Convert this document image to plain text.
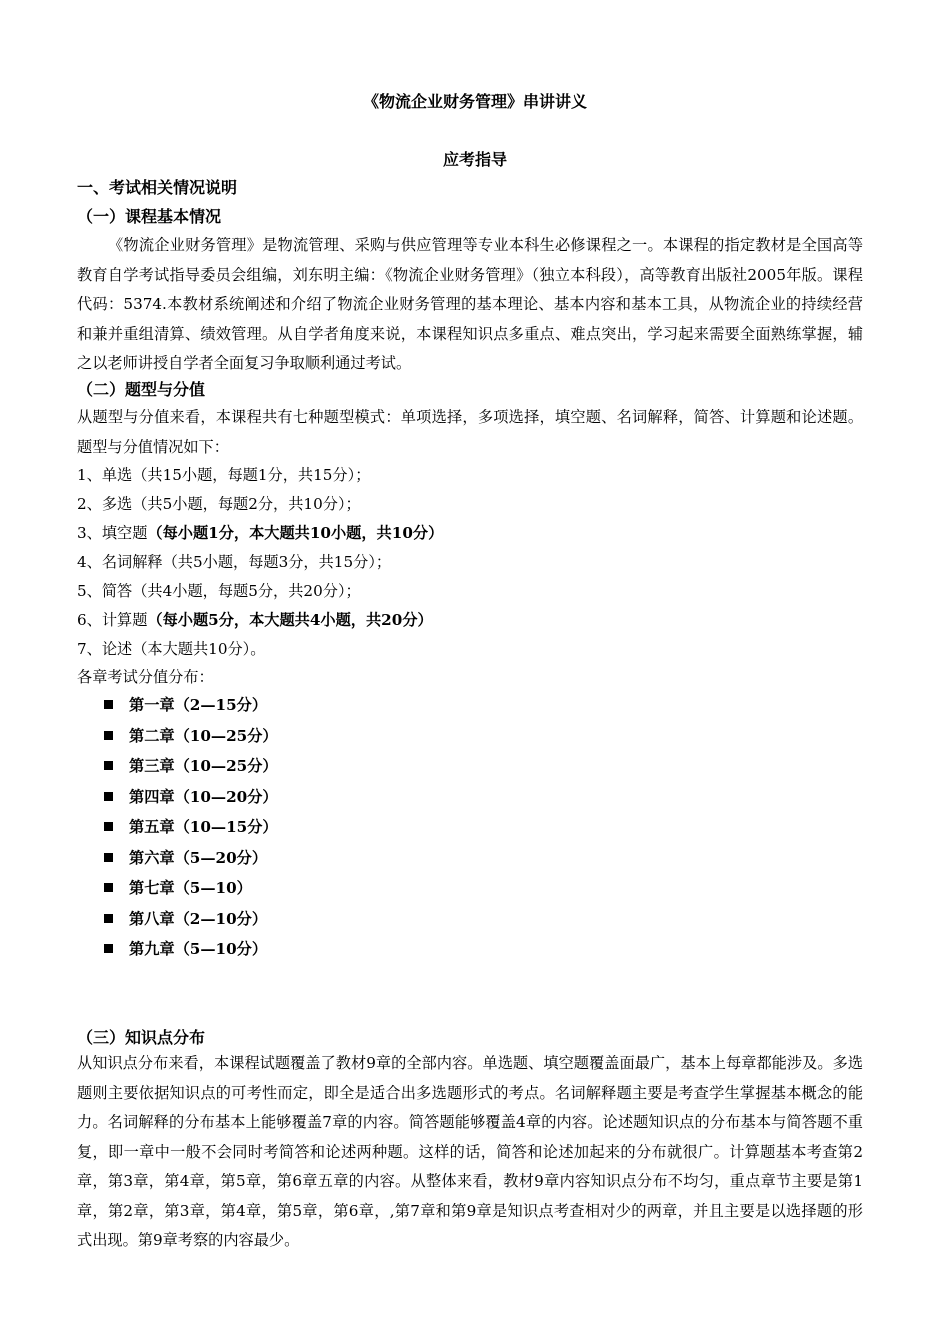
《物流企业财务管理》串讲讲义
应考指导
一、考试相关情况说明
（一）课程基本情况
《物流企业财务管理》是物流管理、采购与供应管理等专业本科生必修课程之一。本课程的指定教材是全国高等教育自学考试指导委员会组编，刘东明主编：《物流企业财务管理》（独立本科段），高等教育出版社2005年版。课程代码：5374.本教材系统阐述和介绍了物流企业财务管理的基本理论、基本内容和基本工具，从物流企业的持续经营和兼并重组清算、绩效管理。从自学者角度来说，本课程知识点多重点、难点突出，学习起来需要全面熟练掌握，辅之以老师讲授自学者全面复习争取顺利通过考试。
（二）题型与分值
从题型与分值来看，本课程共有七种题型模式：单项选择，多项选择，填空题、名词解释，简答、计算题和论述题。题型与分值情况如下：
1、单选（共15小题，每题1分，共15分）；
2、多选（共5小题，每题2分，共10分）；
3、填空题（每小题1分，本大题共10小题，共10分）
4、名词解释（共5小题，每题3分，共15分）；
5、简答（共4小题，每题5分，共20分）；
6、计算题（每小题5分，本大题共4小题，共20分）
7、论述（本大题共10分）。
各章考试分值分布：
第一章（2—15分）
第二章（10—25分）
第三章（10—25分）
第四章（10—20分）
第五章（10—15分）
第六章（5—20分）
第七章（5—10）
第八章（2—10分）
第九章（5—10分）
（三）知识点分布
从知识点分布来看，本课程试题覆盖了教材9章的全部内容。单选题、填空题覆盖面最广，基本上每章都能涉及。多选题则主要依据知识点的可考性而定，即全是适合出多选题形式的考点。名词解释题主要是考查学生掌握基本概念的能力。名词解释的分布基本上能够覆盖7章的内容。简答题能够覆盖4章的内容。论述题知识点的分布基本与简答题不重复，即一章中一般不会同时考简答和论述两种题。这样的话，简答和论述加起来的分布就很广。计算题基本考查第2章，第3章，第4章，第5章，第6章五章的内容。从整体来看，教材9章内容知识点分布不均匀，重点章节主要是第1章，第2章，第3章，第4章，第5章，第6章，,第7章和第9章是知识点考查相对少的两章，并且主要是以选择题的形式出现。第9章考察的内容最少。
